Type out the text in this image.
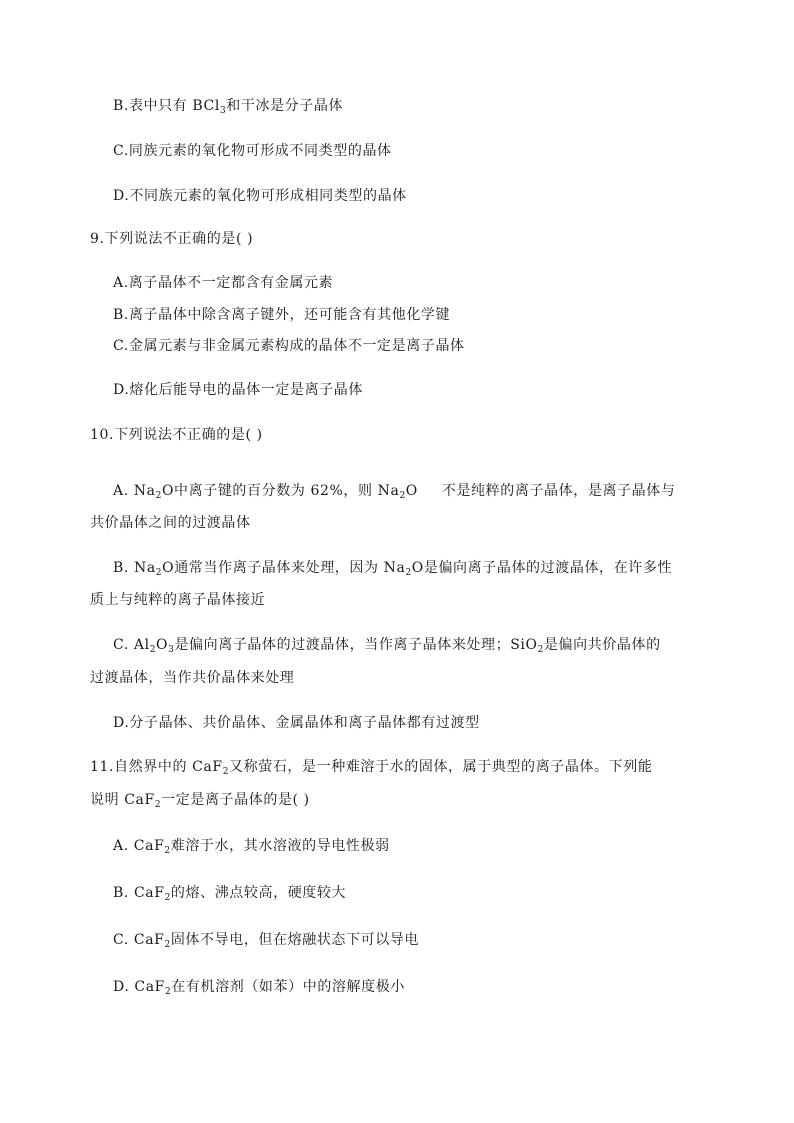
B.表中只有 BCl$_3$和干冰是分子晶体
C.同族元素的氧化物可形成不同类型的晶体
D.不同族元素的氧化物可形成相同类型的晶体
9.下列说法不正确的是( )
A.离子晶体不一定都含有金属元素
B.离子晶体中除含离子键外，还可能含有其他化学键
C.金属元素与非金属元素构成的晶体不一定是离子晶体
D.熔化后能导电的晶体一定是离子晶体
10.下列说法不正确的是( )
A. $Na_2O$中离子键的百分数为 62%，则 $Na_2O$ 不是纯粹的离子晶体，是离子晶体与
共价晶体之间的过渡晶体
B. $Na_2O$通常当作离子晶体来处理，因为 $Na_2O$是偏向离子晶体的过渡晶体，在许多性
质上与纯粹的离子晶体接近
C. $Al_2O_3$是偏向离子晶体的过渡晶体，当作离子晶体来处理；SiO$_2$是偏向共价晶体的
过渡晶体，当作共价晶体来处理
D.分子晶体、共价晶体、金属晶体和离子晶体都有过渡型
11.自然界中的 CaF$_2$又称萤石，是一种难溶于水的固体，属于典型的离子晶体。下列能
说明 CaF$_2$一定是离子晶体的是( )
A. CaF$_2$难溶于水，其水溶液的导电性极弱
B. CaF$_2$的熔、沸点较高，硬度较大
C. CaF$_2$固体不导电，但在熔融状态下可以导电
D. CaF$_2$在有机溶剂（如苯）中的溶解度极小
